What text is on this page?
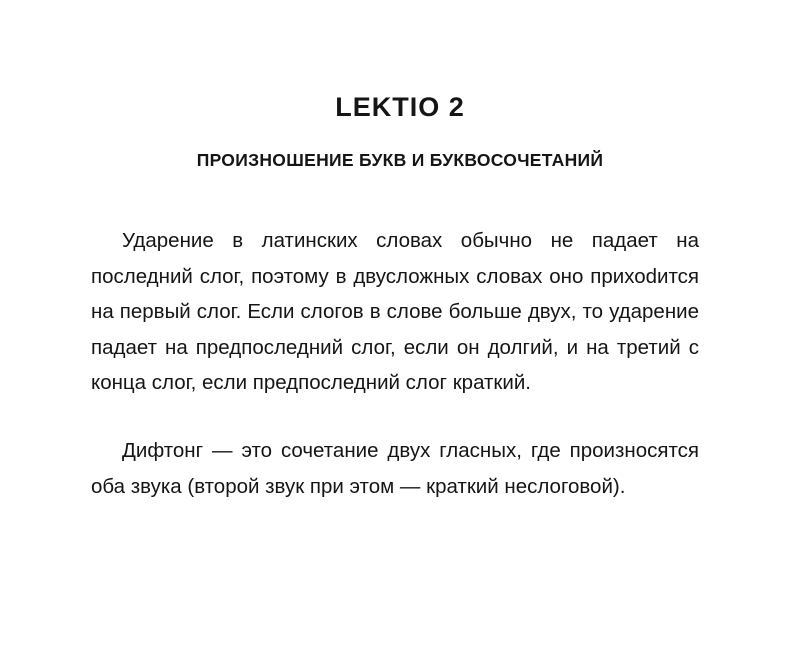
LEKTIO 2
ПРОИЗНОШЕНИЕ БУКВ И БУКВОСОЧЕТАНИЙ

Ударение в латинских словах обычно не падает на последний слог, поэтому в двусложных словах оно прихоdится на первый слог. Если слогов в слове больше двух, то ударение падает на предпоследний слог, если он долгий, и на третий с конца слог, если предпоследний слог краткий.

Дифтонг — это сочетание двух гласных, где произносятся оба звука (второй звук при этом — краткий неслоговой).
